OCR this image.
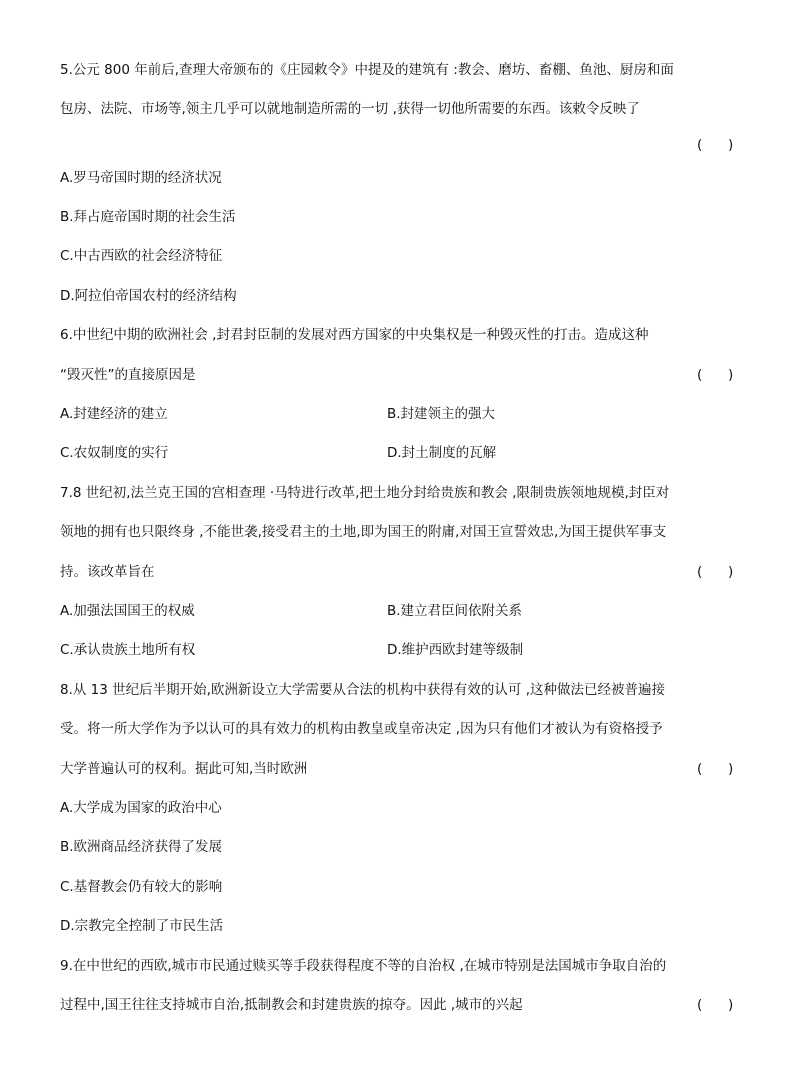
5.公元 800 年前后,查理大帝颁布的《庄园敕令》中提及的建筑有 :教会、磨坊、畜棚、鱼池、厨房和面
包房、法院、市场等,领主几乎可以就地制造所需的一切 ,获得一切他所需要的东西。该敕令反映了
(      )
A.罗马帝国时期的经济状况
B.拜占庭帝国时期的社会生活
C.中古西欧的社会经济特征
D.阿拉伯帝国农村的经济结构
6.中世纪中期的欧洲社会 ,封君封臣制的发展对西方国家的中央集权是一种毁灭性的打击。造成这种
“毁灭性”的直接原因是	(      )
A.封建经济的建立	B.封建领主的强大
C.农奴制度的实行	D.封土制度的瓦解
7.8 世纪初,法兰克王国的宫相查理 ·马特进行改革,把土地分封给贵族和教会 ,限制贵族领地规模,封臣对
领地的拥有也只限终身 ,不能世袭,接受君主的土地,即为国王的附庸,对国王宣誓效忠,为国王提供军事支
持。该改革旨在	(      )
A.加强法国国王的权威	B.建立君臣间依附关系
C.承认贵族土地所有权	D.维护西欧封建等级制
8.从 13 世纪后半期开始,欧洲新设立大学需要从合法的机构中获得有效的认可 ,这种做法已经被普遍接
受。将一所大学作为予以认可的具有效力的机构由教皇或皇帝决定 ,因为只有他们才被认为有资格授予
大学普遍认可的权利。据此可知,当时欧洲	(      )
A.大学成为国家的政治中心
B.欧洲商品经济获得了发展
C.基督教会仍有较大的影响
D.宗教完全控制了市民生活
9.在中世纪的西欧,城市市民通过赎买等手段获得程度不等的自治权 ,在城市特别是法国城市争取自治的
过程中,国王往往支持城市自治,抵制教会和封建贵族的掠夺。因此 ,城市的兴起	(      )
